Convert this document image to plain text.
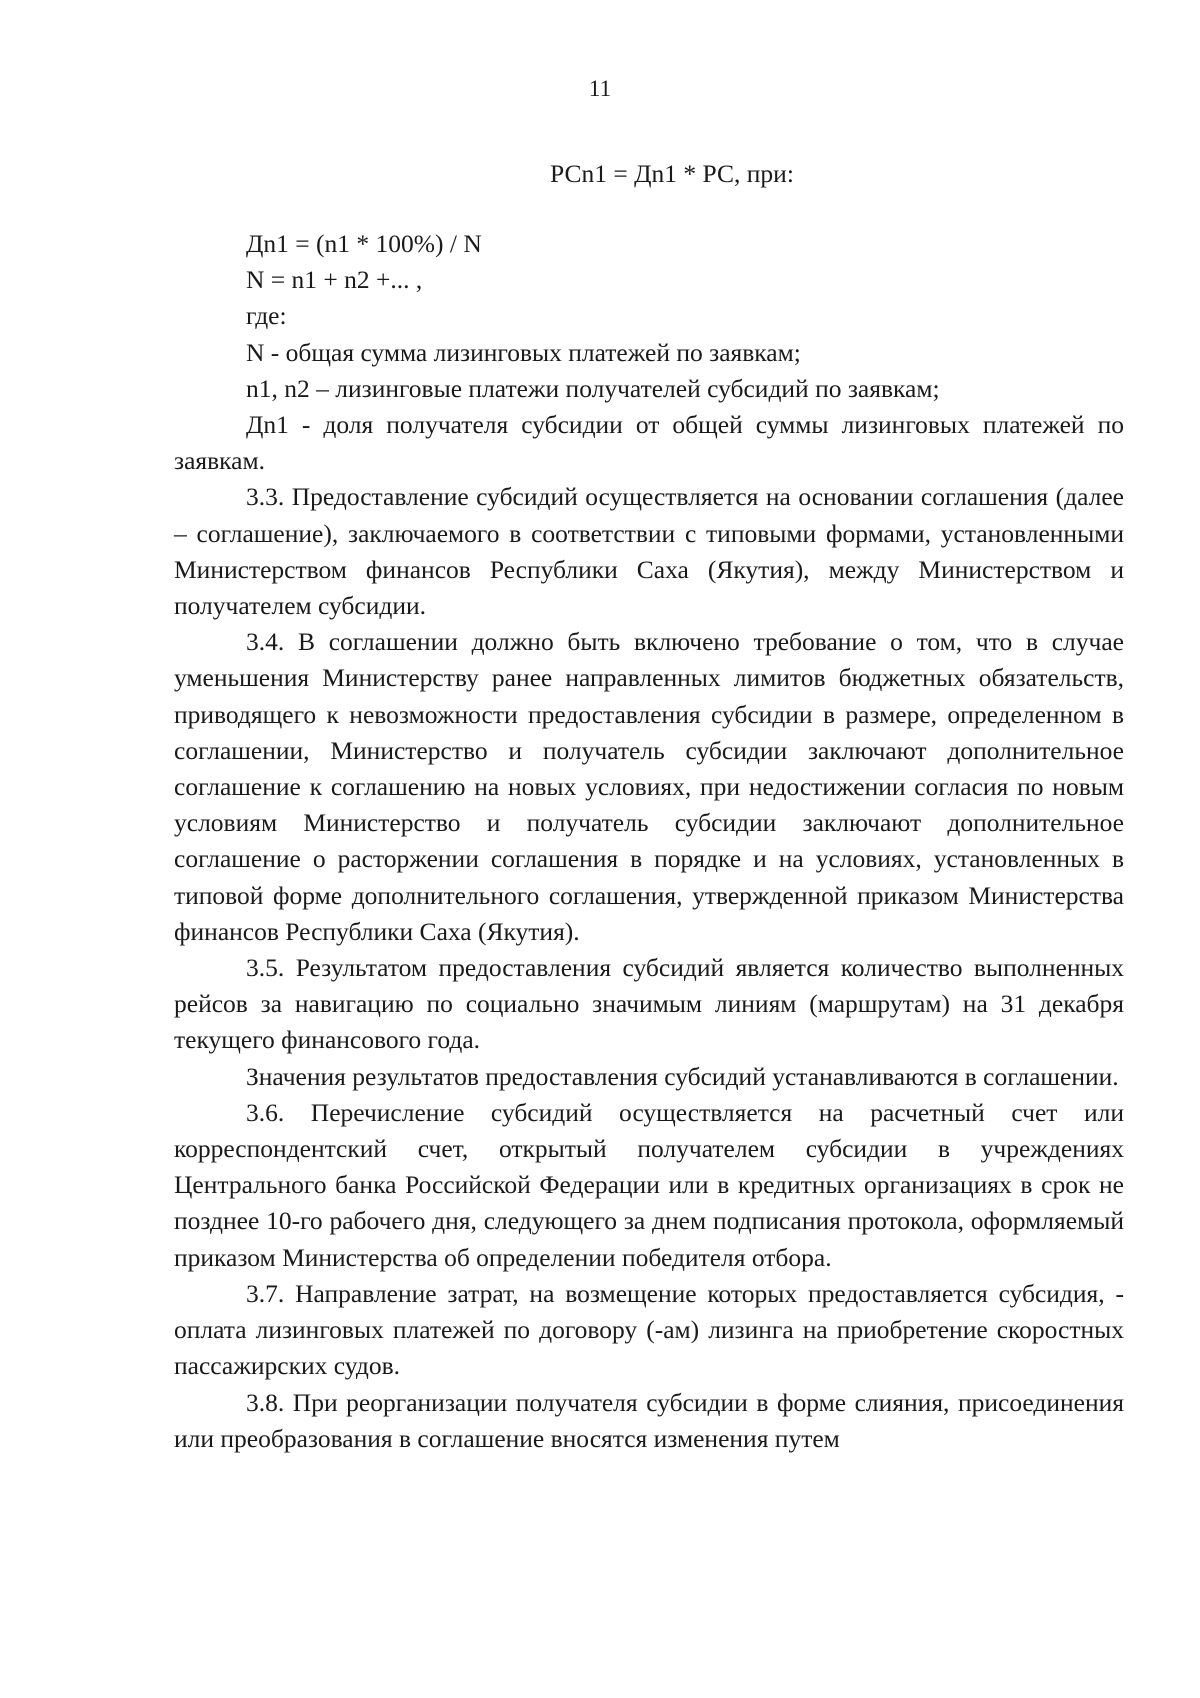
11
РСn1 = Дn1 * РС, при:
Дn1 = (n1 * 100%) / N
N = n1 + n2 +... ,
где:
N - общая сумма лизинговых платежей по заявкам;
n1, n2 – лизинговые платежи получателей субсидий по заявкам;

Дn1 - доля получателя субсидии от общей суммы лизинговых платежей по заявкам.

3.3. Предоставление субсидий осуществляется на основании соглашения (далее – соглашение), заключаемого в соответствии с типовыми формами, установленными Министерством финансов Республики Саха (Якутия), между Министерством и получателем субсидии.

3.4. В соглашении должно быть включено требование о том, что в случае уменьшения Министерству ранее направленных лимитов бюджетных обязательств, приводящего к невозможности предоставления субсидии в размере, определенном в соглашении, Министерство и получатель субсидии заключают дополнительное соглашение к соглашению на новых условиях, при недостижении согласия по новым условиям Министерство и получатель субсидии заключают дополнительное соглашение о расторжении соглашения в порядке и на условиях, установленных в типовой форме дополнительного соглашения, утвержденной приказом Министерства финансов Республики Саха (Якутия).

3.5. Результатом предоставления субсидий является количество выполненных рейсов за навигацию по социально значимым линиям (маршрутам) на 31 декабря текущего финансового года.

Значения результатов предоставления субсидий устанавливаются в соглашении.

3.6. Перечисление субсидий осуществляется на расчетный счет или корреспондентский счет, открытый получателем субсидии в учреждениях Центрального банка Российской Федерации или в кредитных организациях в срок не позднее 10-го рабочего дня, следующего за днем подписания протокола, оформляемый приказом Министерства об определении победителя отбора.

3.7. Направление затрат, на возмещение которых предоставляется субсидия, - оплата лизинговых платежей по договору (-ам) лизинга на приобретение скоростных пассажирских судов.

3.8. При реорганизации получателя субсидии в форме слияния, присоединения или преобразования в соглашение вносятся изменения путем
